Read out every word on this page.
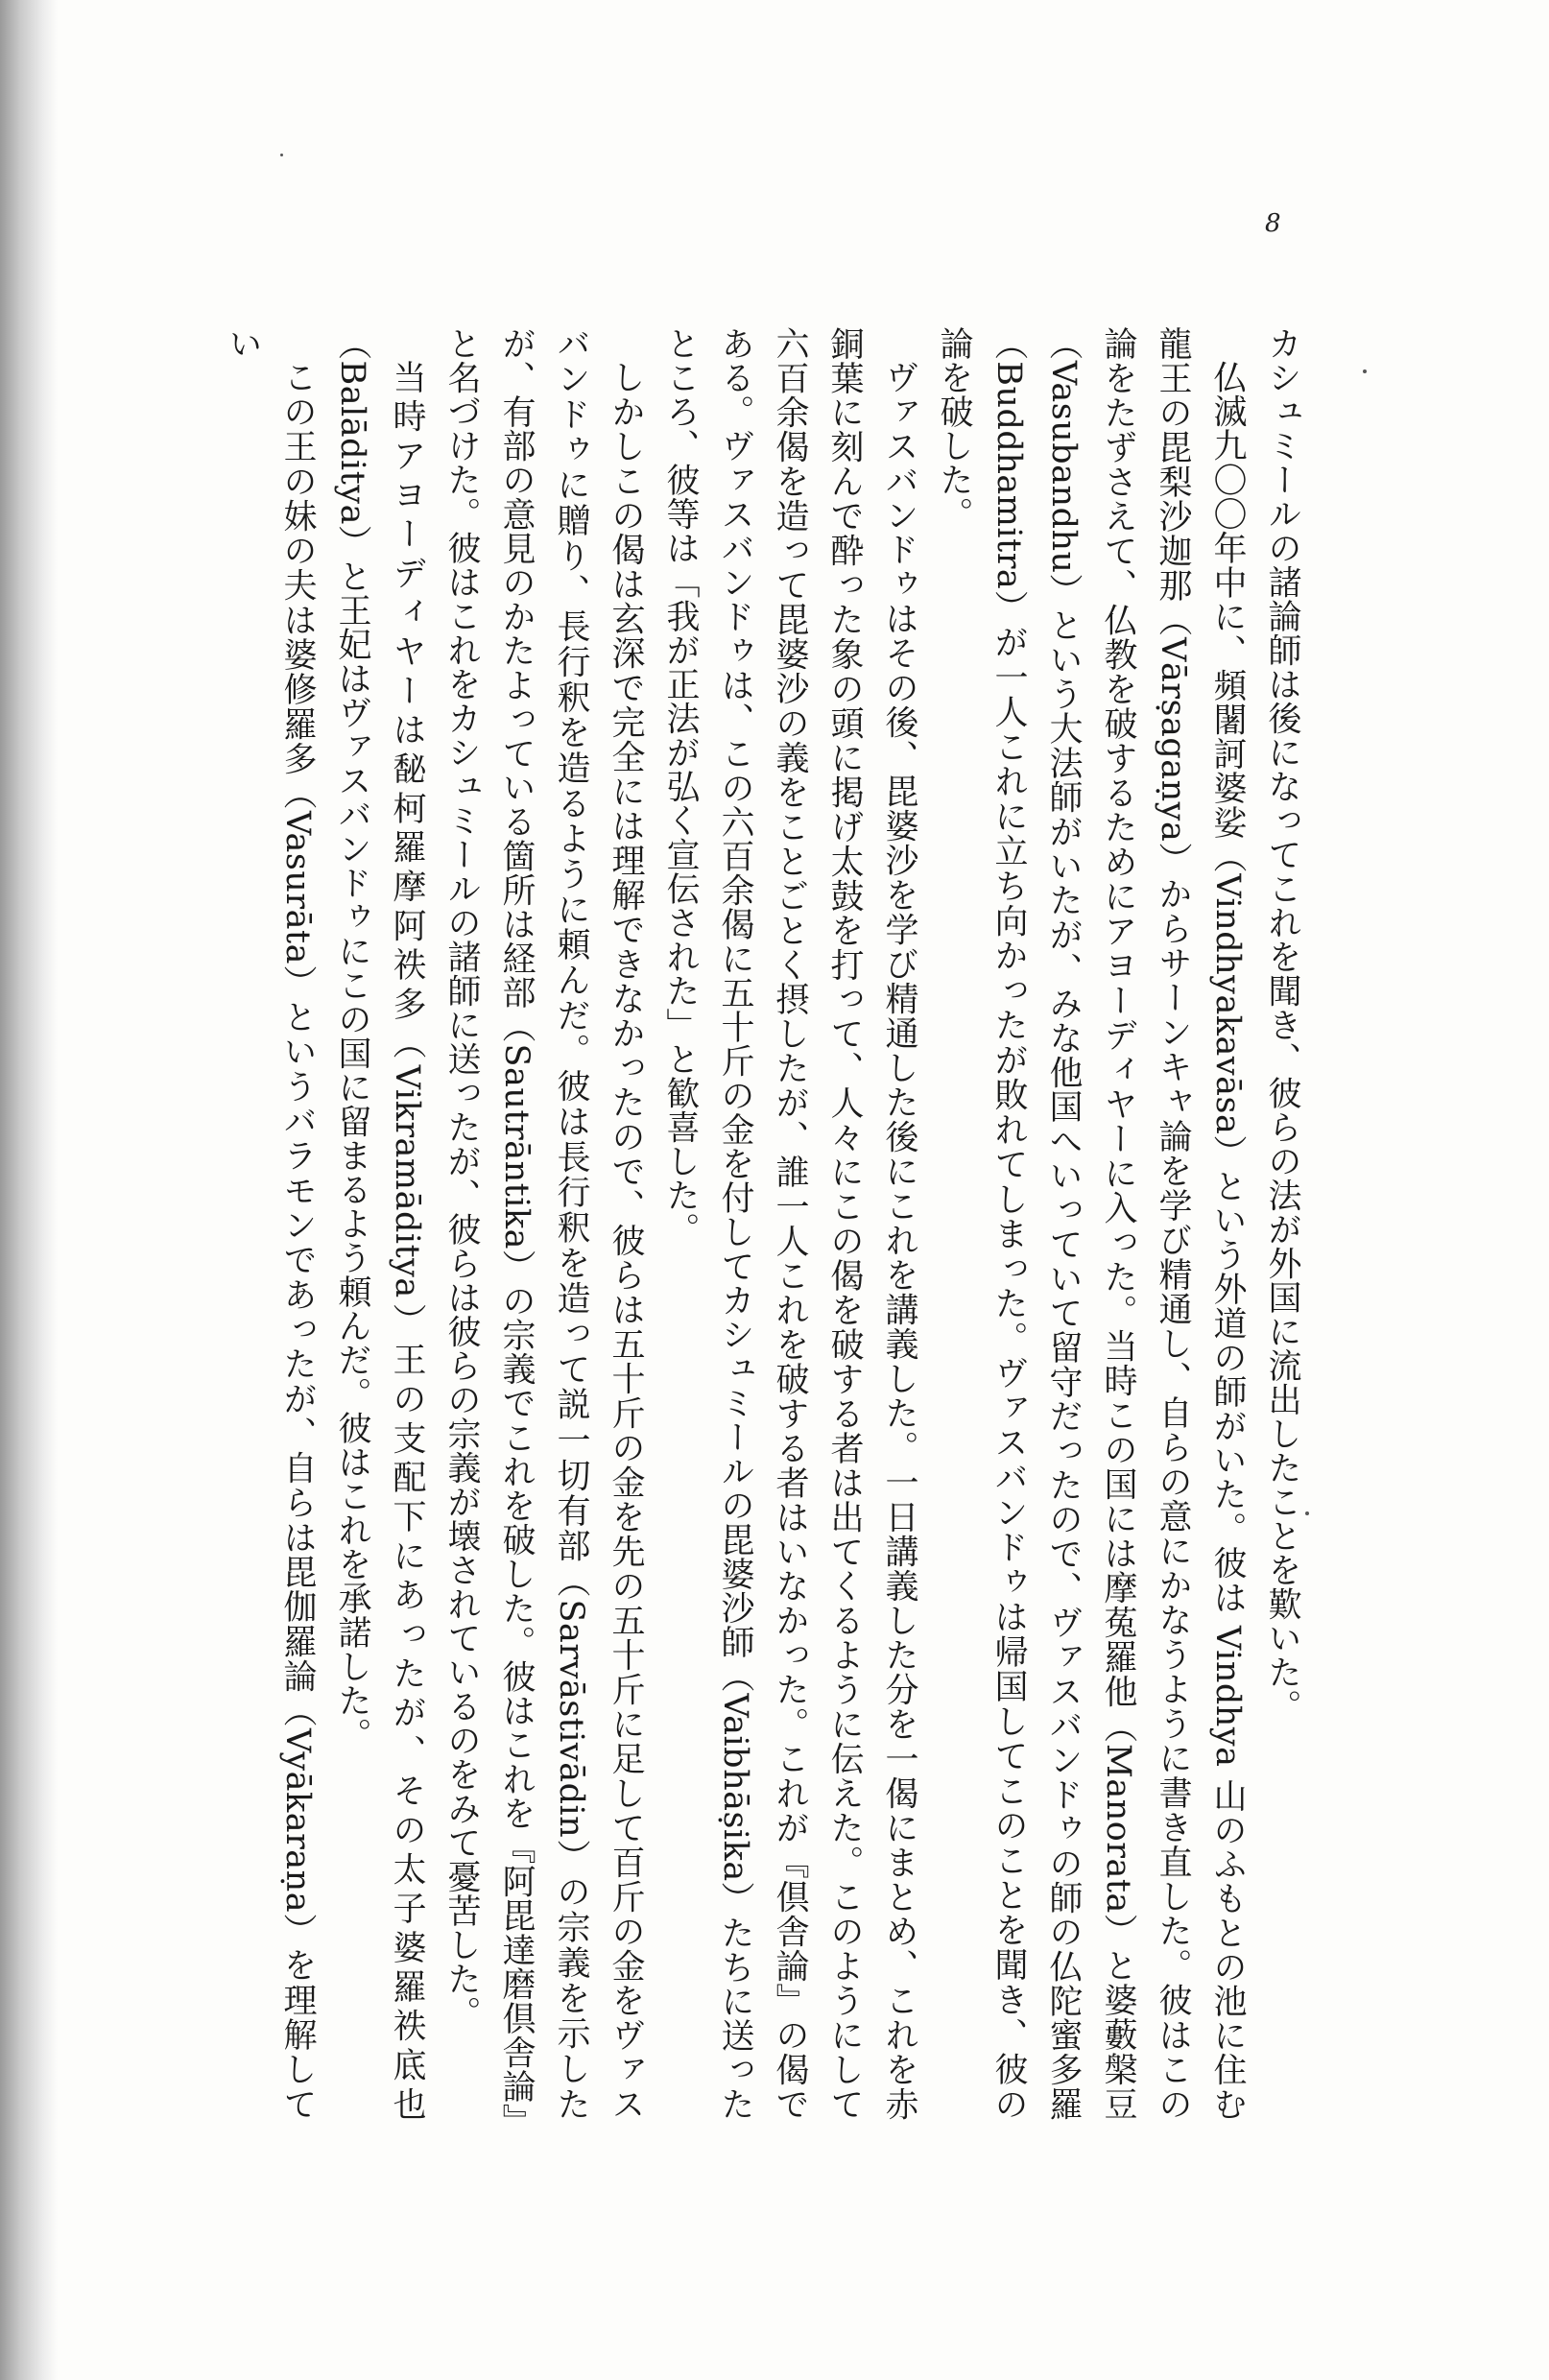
8

カシュミールの諸論師は後になってこれを聞き、彼らの法が外国に流出したことを歎いた。

仏滅九〇〇年中に、頻闍訶婆娑（Vindhyakavāsa）という外道の師がいた。彼は Vindhya 山のふもとの池に住む龍王の毘梨沙迦那（Vārṣagaṇya）からサーンキャ論を学び精通し、自らの意にかなうように書き直した。彼はこの論をたずさえて、仏教を破するためにアヨーディヤーに入った。当時この国には摩菟羅他（Manorata）と婆藪槃豆（Vasubandhu）という大法師がいたが、みな他国へいっていて留守だったので、ヴァスバンドゥの師の仏陀蜜多羅（Buddhamitra）が一人これに立ち向かったが敗れてしまった。ヴァスバンドゥは帰国してこのことを聞き、彼の論を破した。

ヴァスバンドゥはその後、毘婆沙を学び精通した後にこれを講義した。一日講義した分を一偈にまとめ、これを赤銅葉に刻んで酔った象の頭に掲げ太鼓を打って、人々にこの偈を破する者は出てくるように伝えた。このようにして六百余偈を造って毘婆沙の義をことごとく摂したが、誰一人これを破する者はいなかった。これが『倶舎論』の偈である。ヴァスバンドゥは、この六百余偈に五十斤の金を付してカシュミールの毘婆沙師（Vaibhāṣika）たちに送ったところ、彼等は「我が正法が弘く宣伝された」と歓喜した。

しかしこの偈は玄深で完全には理解できなかったので、彼らは五十斤の金を先の五十斤に足して百斤の金をヴァスバンドゥに贈り、長行釈を造るように頼んだ。彼は長行釈を造って説一切有部（Sarvāstivādin）の宗義を示したが、有部の意見のかたよっている箇所は経部（Sautrāntika）の宗義でこれを破した。彼はこれを『阿毘達磨倶舎論』と名づけた。彼はこれをカシュミールの諸師に送ったが、彼らは彼らの宗義が壊されているのをみて憂苦した。

当時アヨーディヤーは馝柯羅摩阿祑多（Vikramāditya）王の支配下にあったが、その太子婆羅祑底也（Balāditya）と王妃はヴァスバンドゥにこの国に留まるよう頼んだ。彼はこれを承諾した。

この王の妹の夫は婆修羅多（Vasurāta）というバラモンであったが、自らは毘伽羅論（Vyākaraṇa）を理解してい
